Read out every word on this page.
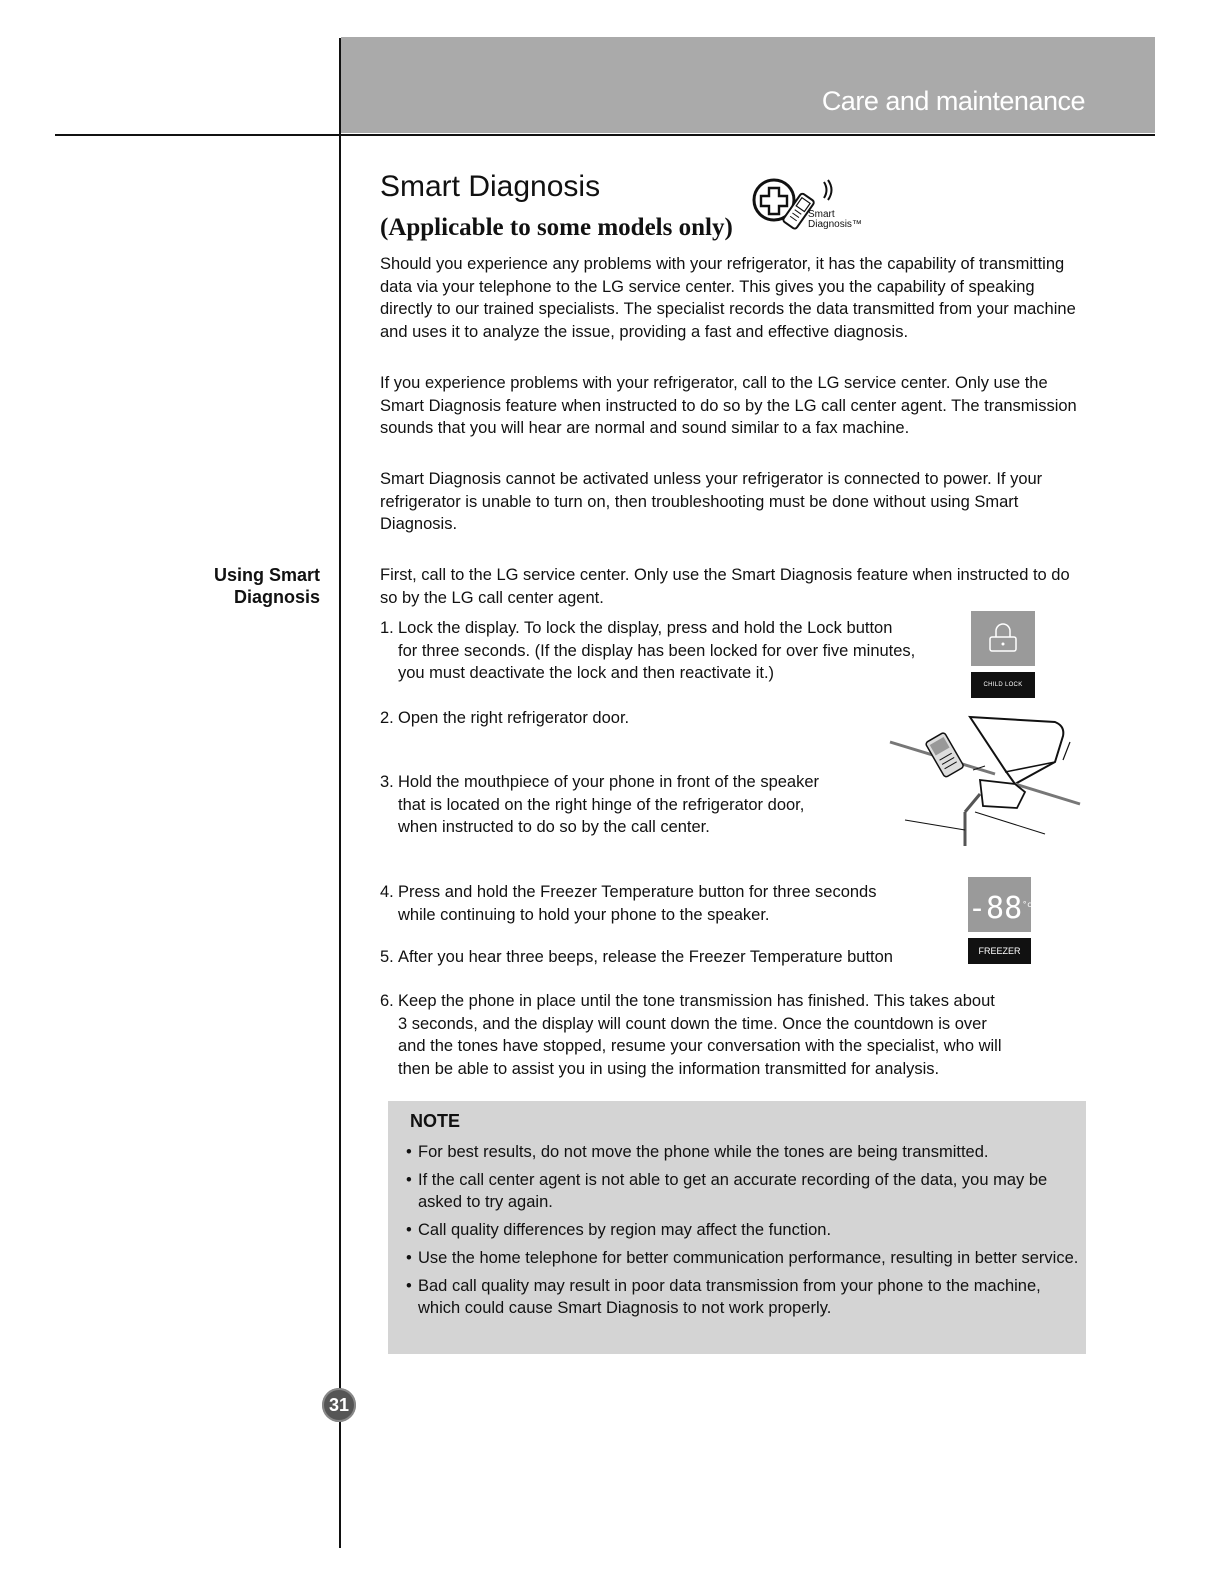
Care and maintenance
Smart Diagnosis
(Applicable to some models only)	Smart
Diagnosis™
Should you experience any problems with your refrigerator, it has the capability of transmitting data via your telephone to the LG service center. This gives you the capability of speaking directly to our trained specialists. The specialist records the data transmitted from your machine and uses it to analyze the issue, providing a fast and effective diagnosis.
If you experience problems with your refrigerator, call to the LG service center. Only use the Smart Diagnosis feature when instructed to do so by the LG call center agent. The transmission sounds that you will hear are normal and sound similar to a fax machine.
Smart Diagnosis cannot be activated unless your refrigerator is connected to power. If your refrigerator is unable to turn on, then troubleshooting must be done without using Smart Diagnosis.
Using Smart
Diagnosis
First, call to the LG service center. Only use the Smart Diagnosis feature when instructed to do so by the LG call center agent.
1. Lock the display. To lock the display, press and hold the Lock button
for three seconds. (If the display has been locked for over five minutes,
you must deactivate the lock and then reactivate it.)
CHILD LOCK
2. Open the right refrigerator door.
3. Hold the mouthpiece of your phone in front of the speaker
that is located on the right hinge of the refrigerator door,
when instructed to do so by the call center.
4. Press and hold the Freezer Temperature button for three seconds
while continuing to hold your phone to the speaker.	$-88^{^\circ c}$
FREEZER
5. After you hear three beeps, release the Freezer Temperature button
6. Keep the phone in place until the tone transmission has finished. This takes about
3 seconds, and the display will count down the time. Once the countdown is over
and the tones have stopped, resume your conversation with the specialist, who will
then be able to assist you in using the information transmitted for analysis.
NOTE
• For best results, do not move the phone while the tones are being transmitted.
• If the call center agent is not able to get an accurate recording of the data, you may be asked to try again.
• Call quality differences by region may affect the function.
• Use the home telephone for better communication performance, resulting in better service.
• Bad call quality may result in poor data transmission from your phone to the machine, which could cause Smart Diagnosis to not work properly.
31
